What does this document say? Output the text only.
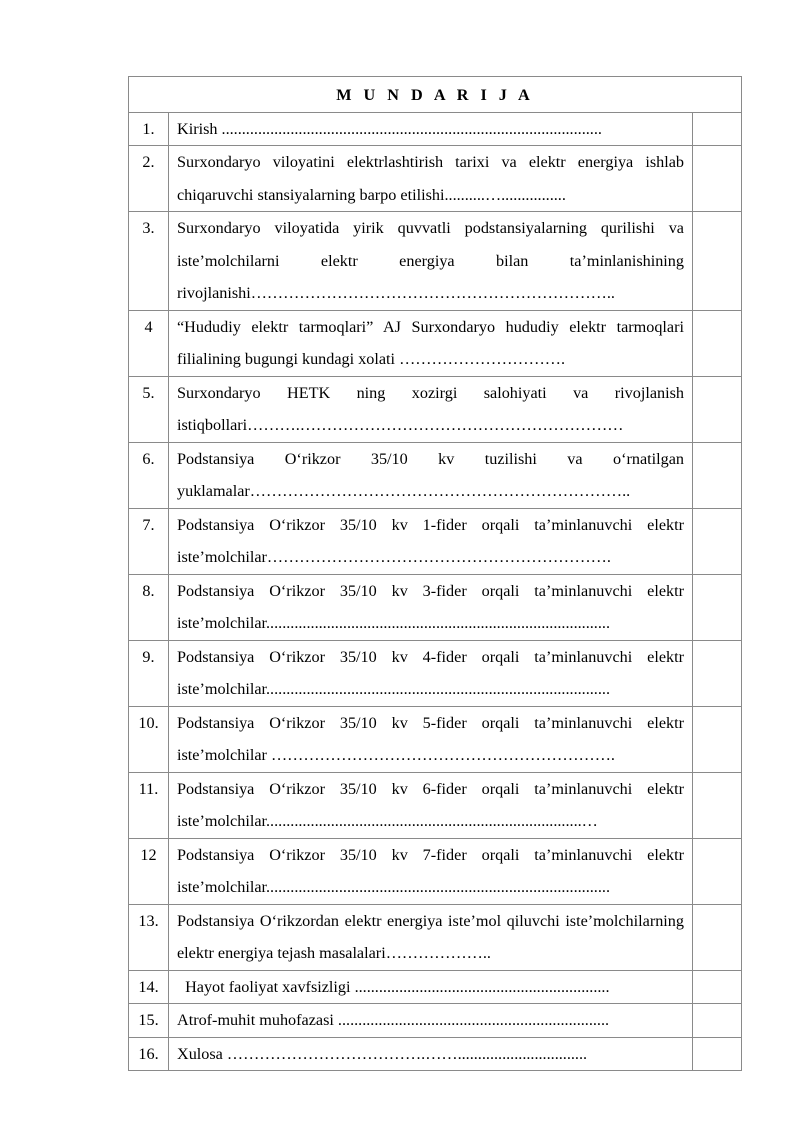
M U N D A R I J A		
1.	Kirish ..............................................................................................	
2.	Surxondaryo viloyatini elektrlashtirish tarixi va elektr energiya ishlab chiqaruvchi stansiyalarning barpo etilishi..........…................	
3.	Surxondaryo viloyatida yirik quvvatli podstansiyalarning qurilishi va iste’molchilarni elektr energiya bilan ta’minlanishining rivojlanishi…………………………………………………………..	
4	“Hududiy elektr tarmoqlari” AJ Surxondaryo hududiy elektr tarmoqlari filialining bugungi kundagi xolati ………………………….	
5.	Surxondaryo HETK ning xozirgi salohiyati va rivojlanish istiqbollari……….……………………………………………………	
6.	Podstansiya O‘rikzor 35/10 kv tuzilishi va o‘rnatilgan yuklamalar……………………………………………………………..	
7.	Podstansiya O‘rikzor 35/10 kv 1-fider orqali ta’minlanuvchi elektr iste’molchilar……………………………………………………….	
8.	Podstansiya O‘rikzor 35/10 kv 3-fider orqali ta’minlanuvchi elektr iste’molchilar.....................................................................................	
9.	Podstansiya O‘rikzor 35/10 kv 4-fider orqali ta’minlanuvchi elektr iste’molchilar.....................................................................................	
10.	Podstansiya O‘rikzor 35/10 kv 5-fider orqali ta’minlanuvchi elektr iste’molchilar ……………………………………………………….	
11.	Podstansiya O‘rikzor 35/10 kv 6-fider orqali ta’minlanuvchi elektr iste’molchilar..............................................................................…	
12	Podstansiya O‘rikzor 35/10 kv 7-fider orqali ta’minlanuvchi elektr iste’molchilar.....................................................................................	
13.	Podstansiya O‘rikzordan elektr energiya iste’mol qiluvchi iste’molchilarning elektr energiya tejash masalalari………………..	
14.	Hayot faoliyat xavfsizligi ...............................................................	
15.	Atrof-muhit muhofazasi ...................................................................	
16.	Xulosa ……………………………….……................................	
